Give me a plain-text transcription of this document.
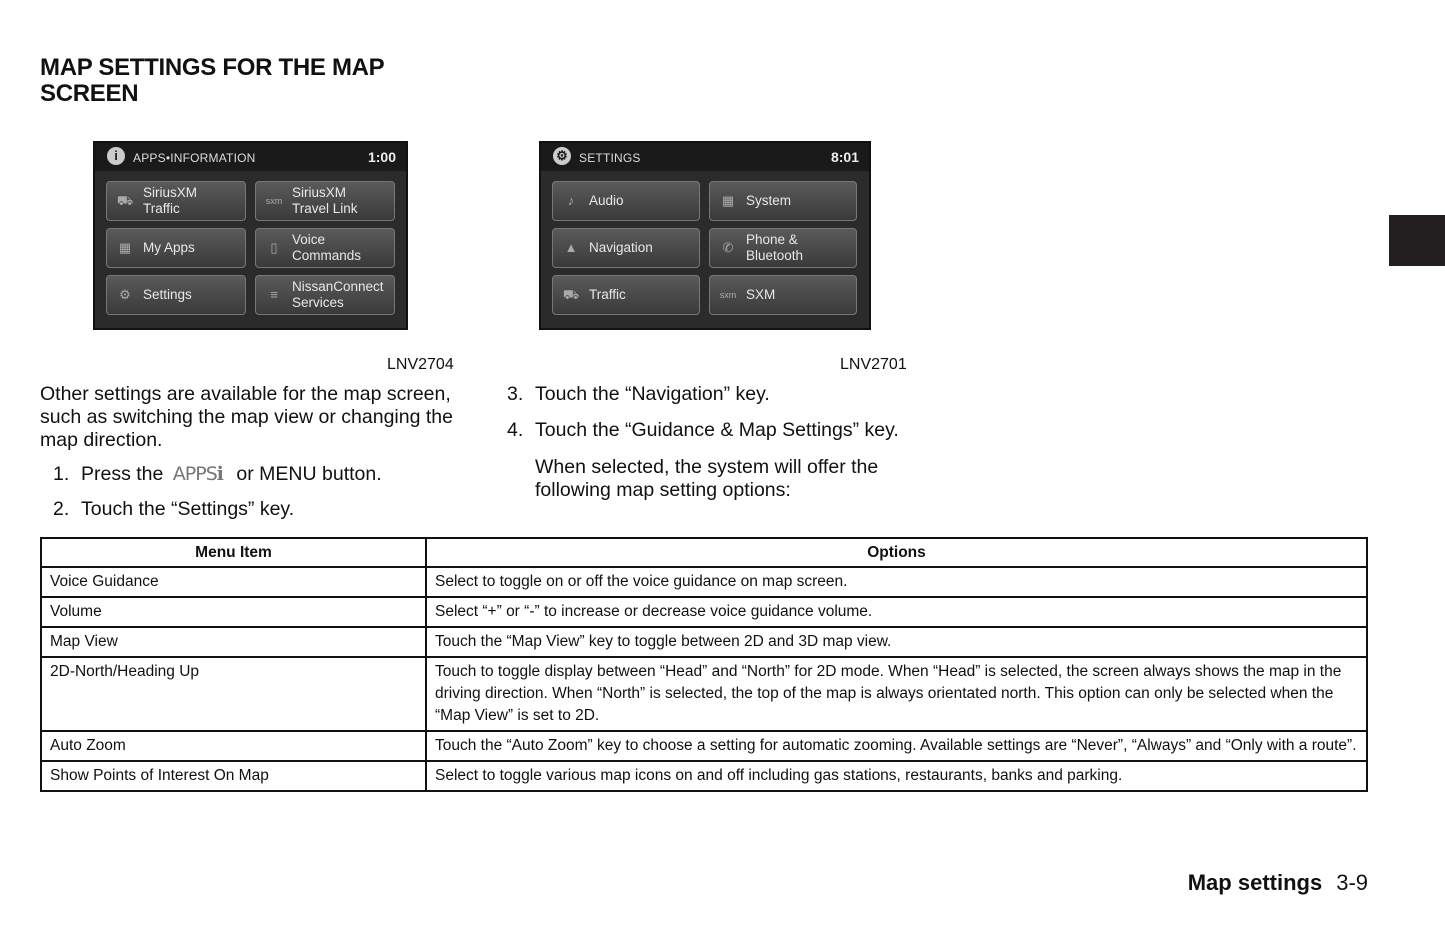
MAP SETTINGS FOR THE MAP SCREEN
i	APPS•INFORMATION	1:00
⛟
SiriusXM Traffic	sxm
SiriusXM Travel Link
▦ My Apps	▯
Voice Commands
⚙ Settings	≡
NissanConnect Services
LNV2704
⚙ SETTINGS	8:01
♪	Audio	▦ System
▲ Navigation	✆
Phone & Bluetooth
⛟ Traffic	sxm SXM
LNV2701
Other settings are available for the map screen, such as switching the map view or changing the map direction.
1. Press the APPSℹ or MENU button.
2. Touch the “Settings” key.
3. Touch the “Navigation” key.
4. Touch the “Guidance & Map Settings” key.
When selected, the system will offer the following map setting options:
Menu Item	Options
Voice Guidance	Select to toggle on or off the voice guidance on map screen.
Volume	Select “+” or “-” to increase or decrease voice guidance volume.
Map View	Touch the “Map View” key to toggle between 2D and 3D map view.
2D-North/Heading Up	Touch to toggle display between “Head” and “North” for 2D mode. When “Head” is selected, the screen always shows the map in the driving direction. When “North” is selected, the top of the map is always orientated north. This option can only be selected when the “Map View” is set to 2D.
Auto Zoom	Touch the “Auto Zoom” key to choose a setting for automatic zooming. Available settings are “Never”, “Always” and “Only with a route”.
Show Points of Interest On Map	Select to toggle various map icons on and off including gas stations, restaurants, banks and parking.
Map settings 3-9
